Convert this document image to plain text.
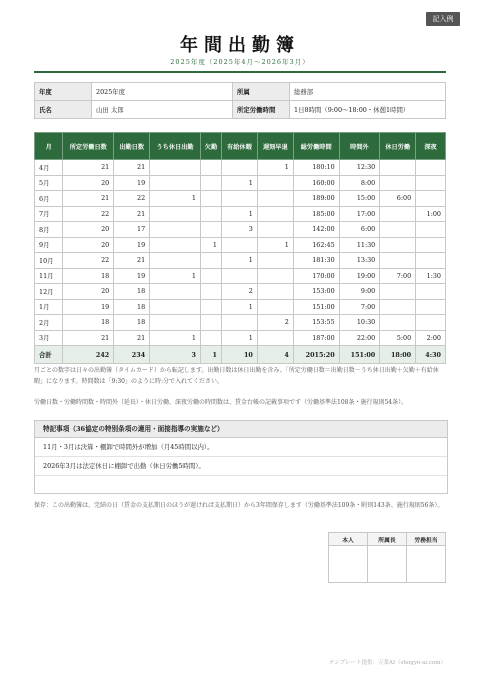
記入例
年間出勤簿
2025年度（2025年4月～2026年3月）
年度	2025年度	所属	総務部
氏名	山田 太郎	所定労働時間	1日8時間（9:00～18:00・休憩1時間）
月	所定労働日数	出勤日数	うち休日出勤	欠勤	有給休暇	遅刻早退	総労働時間	時間外	休日労働	深夜
4月	21	21				1	180:10	12:30		
5月	20	19			1		160:00	8:00		
6月	21	22	1				189:00	15:00	6:00	
7月	22	21			1		185:00	17:00		1:00
8月	20	17			3		142:00	6:00		
9月	20	19		1		1	162:45	11:30		
10月	22	21			1		181:30	13:30		
11月	18	19	1				170:00	19:00	7:00	1:30
12月	20	18			2		153:00	9:00		
1月	19	18			1		151:00	7:00		
2月	18	18				2	153:55	10:30		
3月	21	21	1		1		187:00	22:00	5:00	2:00
合計	242	234	3	1	10	4	2015:20	151:00	18:00	4:30
月ごとの数字は日々の出勤簿（タイムカード）から転記します。出勤日数は休日出勤を含み、「所定労働日数＝出勤日数－うち休日出勤＋欠勤＋有給休暇」になります。時間数は「9:30」のように時:分で入れてください。
労働日数・労働時間数・時間外（延長）・休日労働、深夜労働の時間数は、賃金台帳の記載事項です（労働基準法108条・施行規則54条）。
特記事項（36協定の特別条項の適用・面接指導の実施など）
11月・3月は決算・棚卸で時間外が増加（月45時間以内）。
2026年3月は法定休日に棚卸で出勤（休日労働5時間）。
保存：この出勤簿は、完結の日（賃金の支払期日のほうが遅ければ支払期日）から3年間保存します（労働基準法109条・附則143条、施行規則56条）。
本人	所属長	労務担当

テンプレート提供：万業AI（shogyo-ai.com）
